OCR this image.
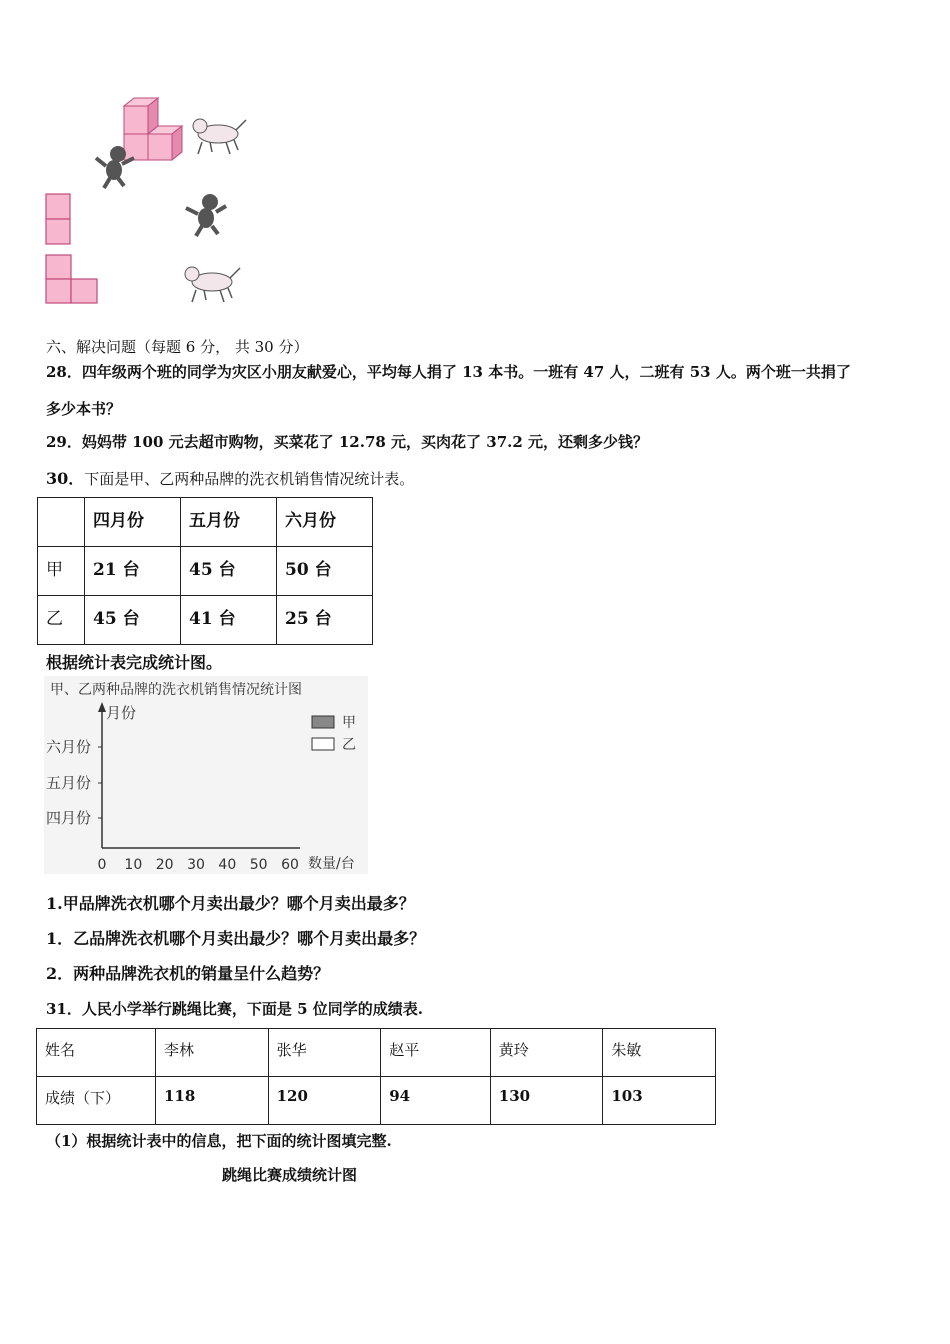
六、解决问题（每题 6 分， 共 30 分）
28．四年级两个班的同学为灾区小朋友献爱心，平均每人捐了 13 本书。一班有 47 人，二班有 53 人。两个班一共捐了
多少本书？
29．妈妈带 100 元去超市购物，买菜花了 12.78 元，买肉花了 37.2 元，还剩多少钱？
30．下面是甲、乙两种品牌的洗衣机销售情况统计表。
	四月份	五月份	六月份
甲	21 台	45 台	50 台
乙	45 台	41 台	25 台
根据统计表完成统计图。
甲、乙两种品牌的洗衣机销售情况统计图
月份
数量/台
甲
乙
0 10 20 30 40 50 60
四月份
五月份
六月份
1.甲品牌洗衣机哪个月卖出最少？哪个月卖出最多？
1．乙品牌洗衣机哪个月卖出最少？哪个月卖出最多？
2．两种品牌洗衣机的销量呈什么趋势？
31．人民小学举行跳绳比赛，下面是 5 位同学的成绩表.
姓名	李林	张华	赵平	黄玲	朱敏
成绩（下）	118	120	94	130	103
（1）根据统计表中的信息，把下面的统计图填完整.
跳绳比赛成绩统计图
